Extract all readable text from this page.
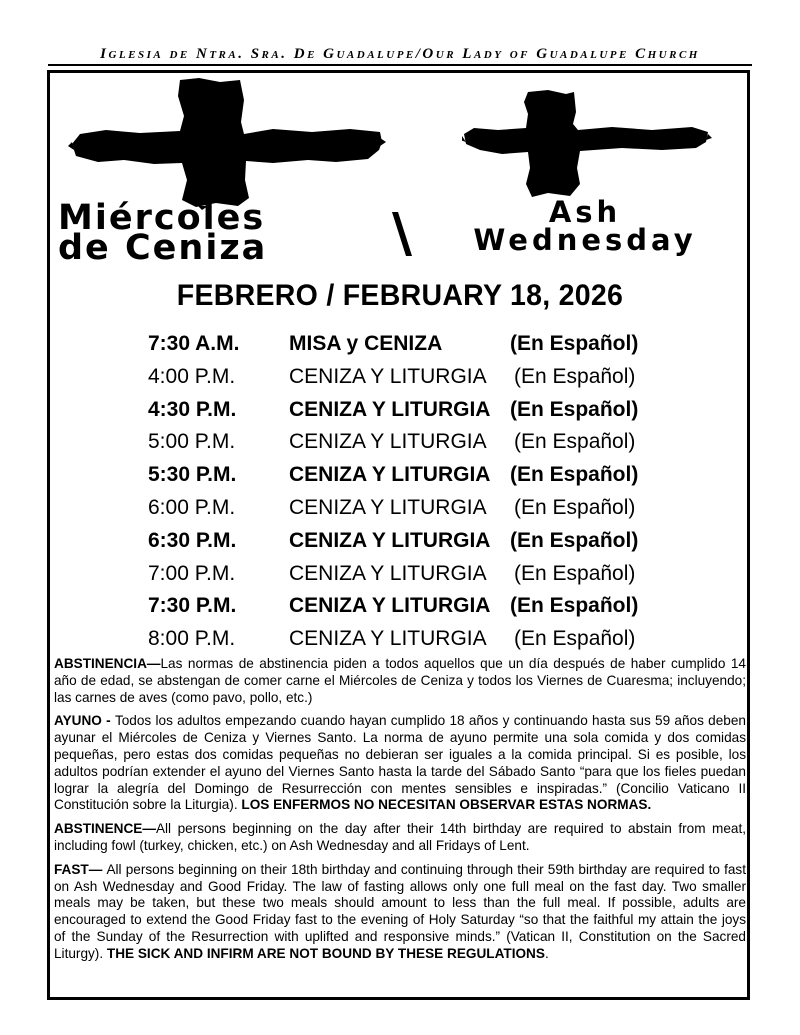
Iglesia de Ntra. Sra. De Guadalupe/Our Lady of Guadalupe Church
Miércoles
de Ceniza
Ash
Wednesday
FEBRERO / FEBRUARY 18, 2026
7:30 A.M. MISA y CENIZA	(En Español)
4:00 P.M.	CENIZA Y LITURGIA (En Español)
4:30 P.M.	CENIZA Y LITURGIA (En Español)
5:00 P.M.	CENIZA Y LITURGIA (En Español)
5:30 P.M.	CENIZA Y LITURGIA (En Español)
6:00 P.M.	CENIZA Y LITURGIA (En Español)
6:30 P.M.	CENIZA Y LITURGIA (En Español)
7:00 P.M.	CENIZA Y LITURGIA (En Español)
7:30 P.M.	CENIZA Y LITURGIA (En Español)
8:00 P.M.	CENIZA Y LITURGIA (En Español)

ABSTINENCIA—Las normas de abstinencia piden a todos aquellos que un día después de haber cumplido 14 año de edad, se abstengan de comer carne el Miércoles de Ceniza y todos los Viernes de Cuaresma; incluyendo; las carnes de aves (como pavo, pollo, etc.)

AYUNO - Todos los adultos empezando cuando hayan cumplido 18 años y continuando hasta sus 59 años deben ayunar el Miércoles de Ceniza y Viernes Santo. La norma de ayuno permite una sola comida y dos comidas pequeñas, pero estas dos comidas pequeñas no debieran ser iguales a la comida principal. Si es posible, los adultos podrían extender el ayuno del Viernes Santo hasta la tarde del Sábado Santo “para que los fieles puedan lograr la alegría del Domingo de Resurrección con mentes sensibles e inspiradas.” (Concilio Vaticano II Constitución sobre la Liturgia). LOS ENFERMOS NO NECESITAN OBSERVAR ESTAS NORMAS.

ABSTINENCE—All persons beginning on the day after their 14th birthday are required to abstain from meat, including fowl (turkey, chicken, etc.) on Ash Wednesday and all Fridays of Lent.

FAST— All persons beginning on their 18th birthday and continuing through their 59th birthday are required to fast on Ash Wednesday and Good Friday. The law of fasting allows only one full meal on the fast day. Two smaller meals may be taken, but these two meals should amount to less than the full meal. If possible, adults are encouraged to extend the Good Friday fast to the evening of Holy Saturday “so that the faithful my attain the joys of the Sunday of the Resurrection with uplifted and responsive minds.” (Vatican II, Constitution on the Sacred Liturgy). THE SICK AND INFIRM ARE NOT BOUND BY THESE REGULATIONS.
